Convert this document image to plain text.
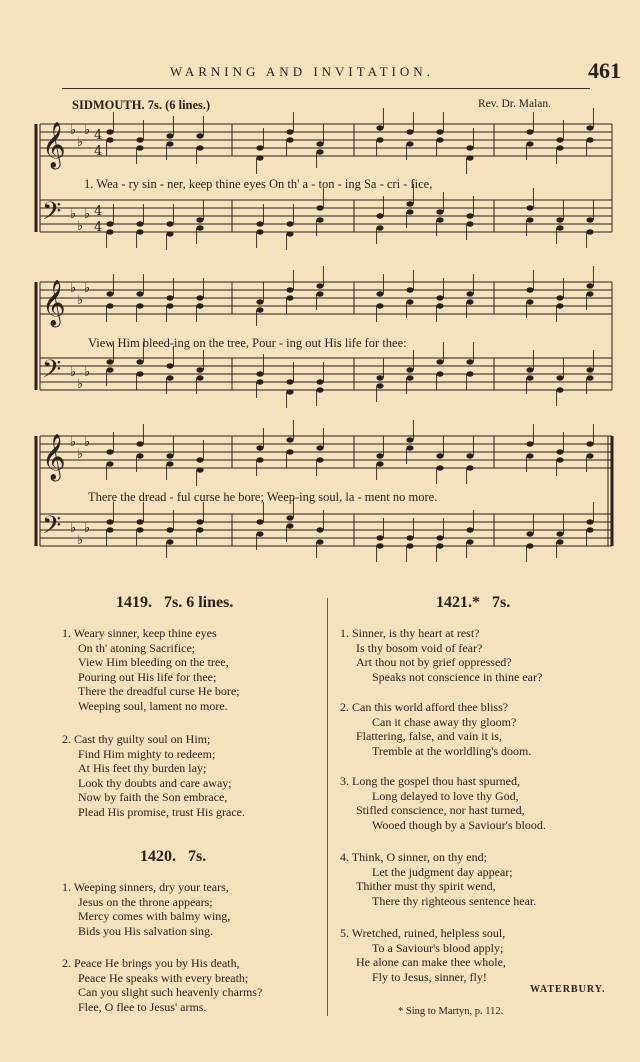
WARNING AND INVITATION.	461
SIDMOUTH. 7s. (6 lines.)	Rev. Dr. Malan.
𝄞 ♭
♭
♭ 4
4
𝄢 ♭
♭
♭ 4
4
𝄞 ♭
♭
♭
𝄢 ♭
♭
♭
𝄞 ♭
♭
♭
𝄢 ♭
♭
♭
1. Wea - ry sin - ner, keep thine eyes On th' a - ton - ing Sa - cri - fice,
View Him bleed-ing on the tree, Pour - ing out His life for thee:
There the dread - ful curse he bore; Weep-ing soul, la - ment no more.
1419. 7s. 6 lines.
1. Weary sinner, keep thine eyes
On th' atoning Sacrifice;
View Him bleeding on the tree,
Pouring out His life for thee;
There the dreadful curse He bore;
Weeping soul, lament no more.
2. Cast thy guilty soul on Him;
Find Him mighty to redeem;
At His feet thy burden lay;
Look thy doubts and care away;
Now by faith the Son embrace,
Plead His promise, trust His grace.
1420. 7s.
1. Weeping sinners, dry your tears,
Jesus on the throne appears;
Mercy comes with balmy wing,
Bids you His salvation sing.
2. Peace He brings you by His death,
Peace He speaks with every breath;
Can you slight such heavenly charms?
Flee, O flee to Jesus' arms.
1421.* 7s.
1. Sinner, is thy heart at rest?
Is thy bosom void of fear?
Art thou not by grief oppressed?
Speaks not conscience in thine ear?
2. Can this world afford thee bliss?
Can it chase away thy gloom?
Flattering, false, and vain it is,
Tremble at the worldling's doom.
3. Long the gospel thou hast spurned,
Long delayed to love thy God,
Stifled conscience, nor hast turned,
Wooed though by a Saviour's blood.
4. Think, O sinner, on thy end;
Let the judgment day appear;
Thither must thy spirit wend,
There thy righteous sentence hear.
5. Wretched, ruined, helpless soul,
To a Saviour's blood apply;
He alone can make thee whole,
Fly to Jesus, sinner, fly!
WATERBURY.
* Sing to Martyn, p. 112.
